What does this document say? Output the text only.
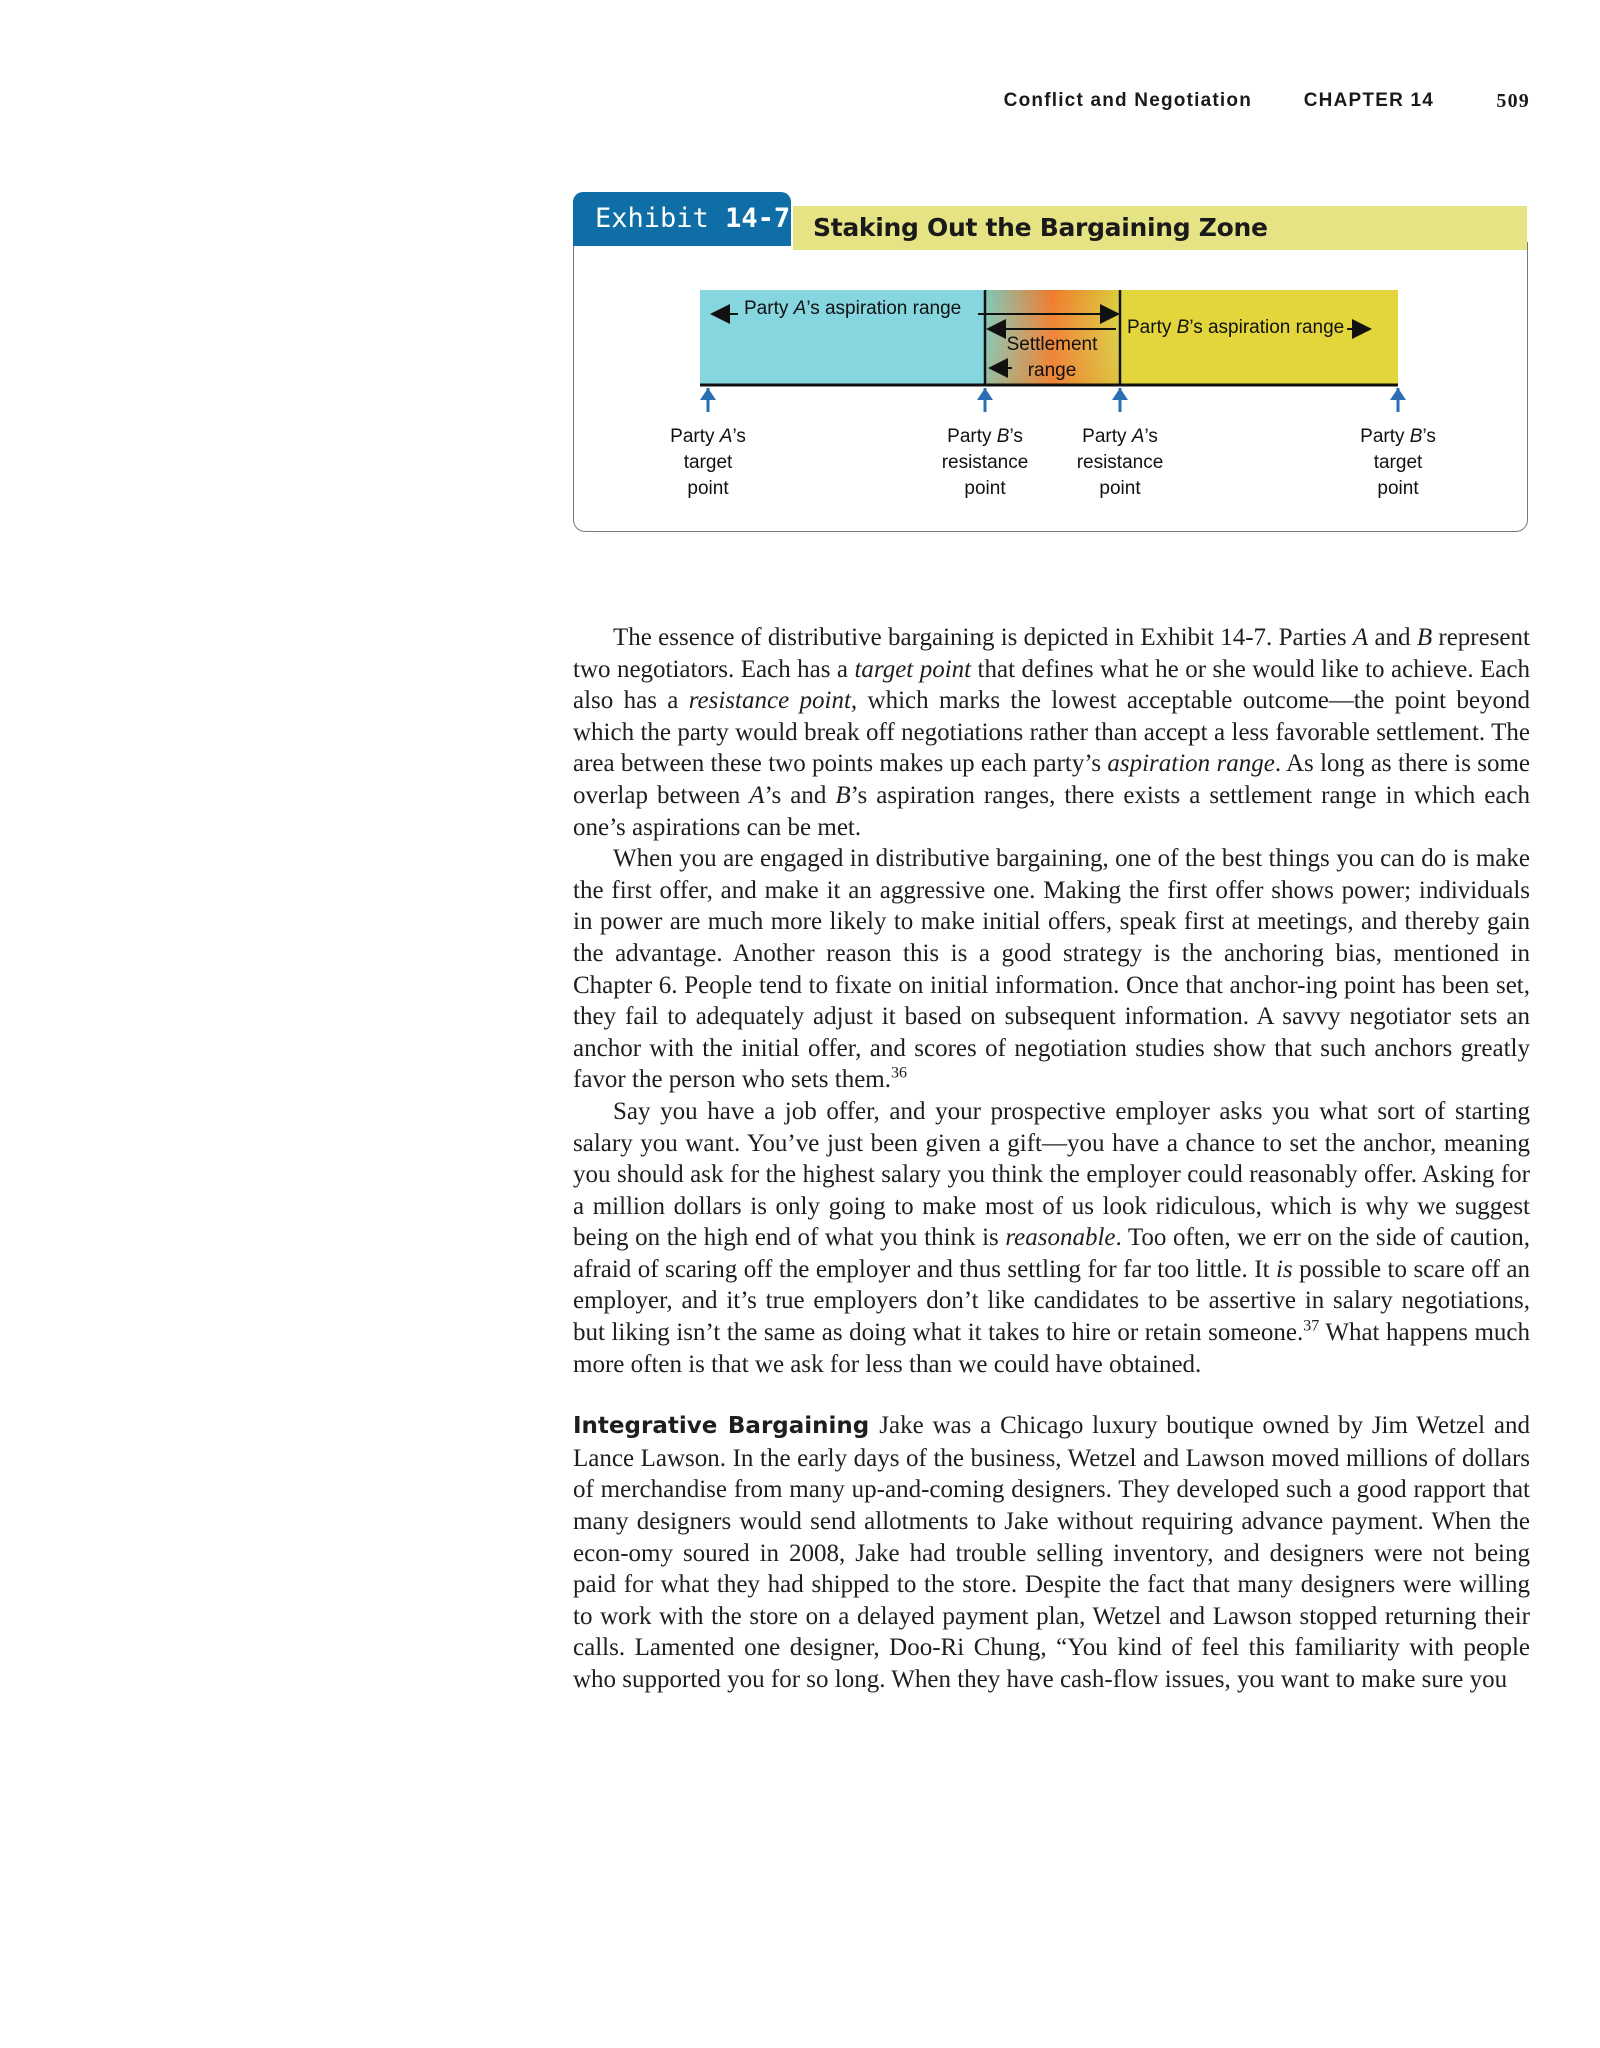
Conflict and Negotiation	CHAPTER 14	509
Staking Out the Bargaining Zone
Exhibit 14-7
Party A’s aspiration range
Party B’s aspiration range
Settlement
range
Party A’s
target
point
Party B’s
resistance
point
Party A’s
resistance
point
Party B’s
target
point

The essence of distributive bargaining is depicted in Exhibit 14-7. Parties A and B represent two negotiators. Each has a target point that defines what he or she would like to achieve. Each also has a resistance point, which marks the lowest acceptable outcome—the point beyond which the party would break off negotiations rather than accept a less favorable settlement. The area between these two points makes up each party’s aspiration range. As long as there is some overlap between A’s and B’s aspiration ranges, there exists a settlement range in which each one’s aspirations can be met.

When you are engaged in distributive bargaining, one of the best things you can do is make the first offer, and make it an aggressive one. Making the first offer shows power; individuals in power are much more likely to make initial offers, speak first at meetings, and thereby gain the advantage. Another reason this is a good strategy is the anchoring bias, mentioned in Chapter 6. People tend to fixate on initial information. Once that anchor-ing point has been set, they fail to adequately adjust it based on subsequent information. A savvy negotiator sets an anchor with the initial offer, and scores of negotiation studies show that such anchors greatly favor the person who sets them.$^{36}$

Say you have a job offer, and your prospective employer asks you what sort of starting salary you want. You’ve just been given a gift—you have a chance to set the anchor, meaning you should ask for the highest salary you think the employer could reasonably offer. Asking for a million dollars is only going to make most of us look ridiculous, which is why we suggest being on the high end of what you think is reasonable. Too often, we err on the side of caution, afraid of scaring off the employer and thus settling for far too little. It is possible to scare off an employer, and it’s true employers don’t like candidates to be assertive in salary negotiations, but liking isn’t the same as doing what it takes to hire or retain someone.$^{37}$ What happens much more often is that we ask for less than we could have obtained.

Integrative Bargaining Jake was a Chicago luxury boutique owned by Jim Wetzel and Lance Lawson. In the early days of the business, Wetzel and Lawson moved millions of dollars of merchandise from many up-and-coming designers. They developed such a good rapport that many designers would send allotments to Jake without requiring advance payment. When the econ-omy soured in 2008, Jake had trouble selling inventory, and designers were not being paid for what they had shipped to the store. Despite the fact that many designers were willing to work with the store on a delayed payment plan, Wetzel and Lawson stopped returning their calls. Lamented one designer, Doo-Ri Chung, “You kind of feel this familiarity with people who supported you for so long. When they have cash-flow issues, you want to make sure you
